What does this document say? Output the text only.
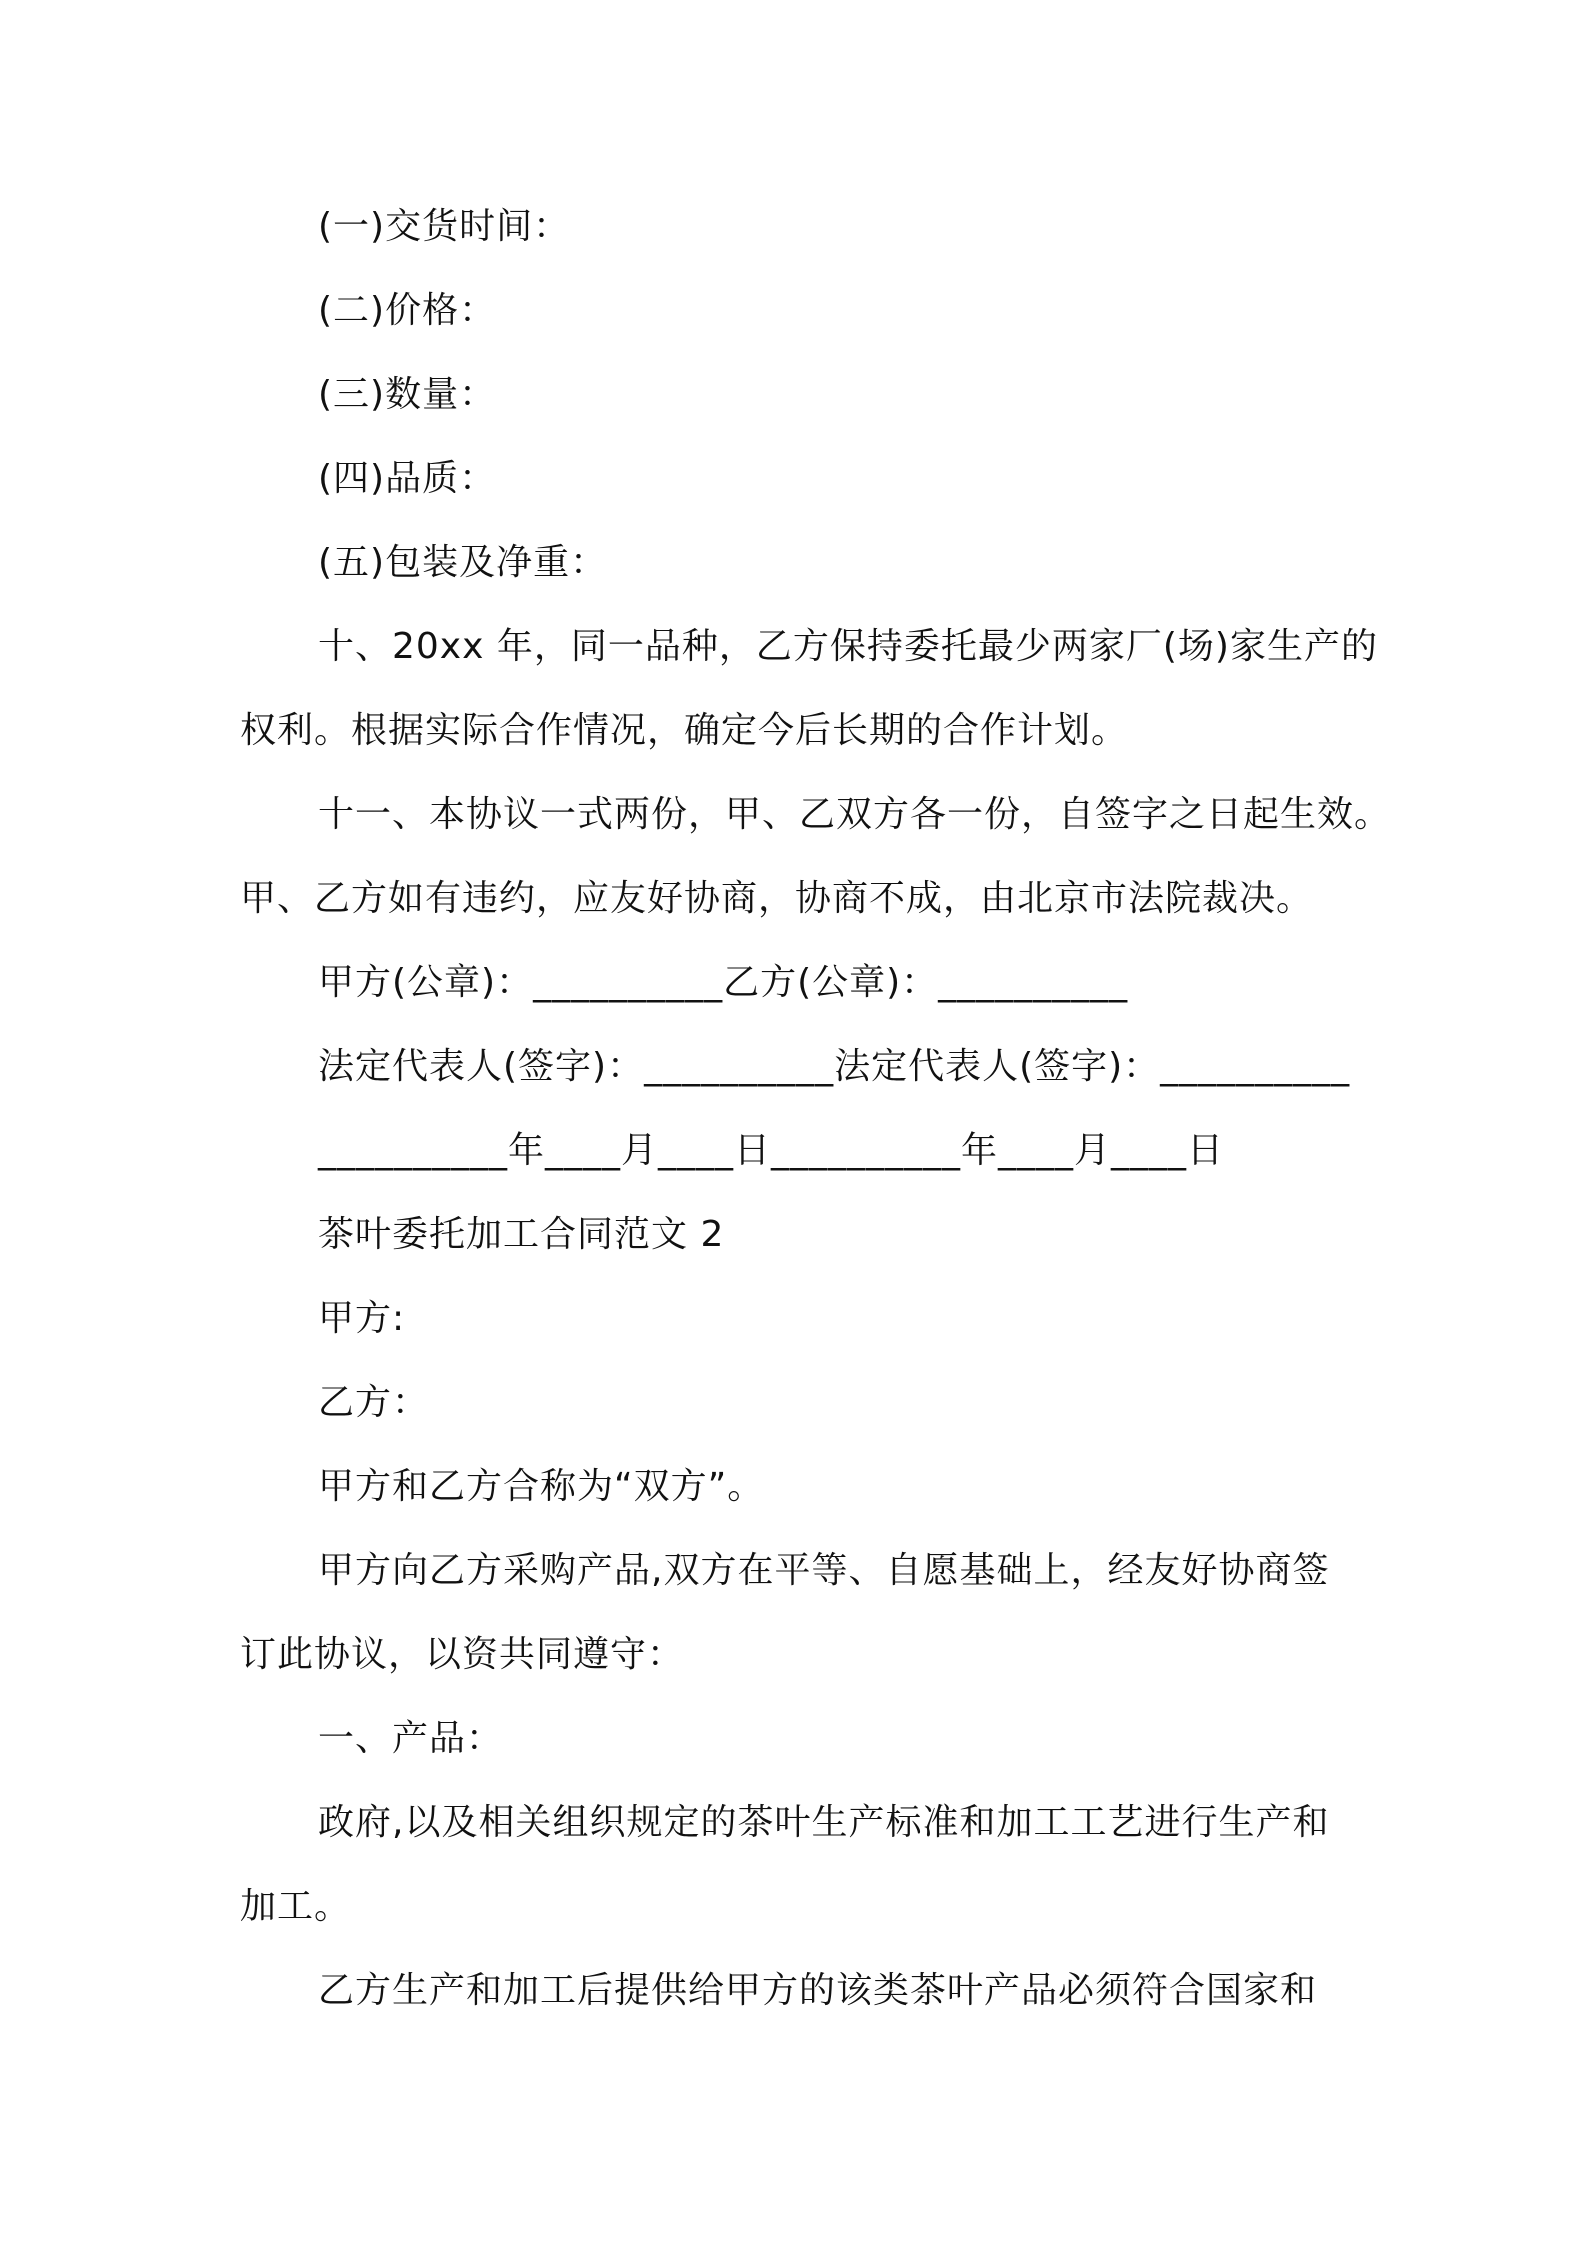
(一)交货时间：
(二)价格：
(三)数量：
(四)品质：
(五)包装及净重：
十、20xx 年，同一品种，乙方保持委托最少两家厂(场)家生产的
权利。根据实际合作情况，确定今后长期的合作计划。
十一、本协议一式两份，甲、乙双方各一份，自签字之日起生效。
甲、乙方如有违约，应友好协商，协商不成，由北京市法院裁决。
甲方(公章)：__________乙方(公章)：__________
法定代表人(签字)：__________法定代表人(签字)：__________
__________年____月____日__________年____月____日
茶叶委托加工合同范文 2
甲方:
乙方：
甲方和乙方合称为“双方”。
甲方向乙方采购产品,双方在平等、自愿基础上，经友好协商签
订此协议，以资共同遵守：
一、产品：
政府,以及相关组织规定的茶叶生产标准和加工工艺进行生产和
加工。
乙方生产和加工后提供给甲方的该类茶叶产品必须符合国家和
